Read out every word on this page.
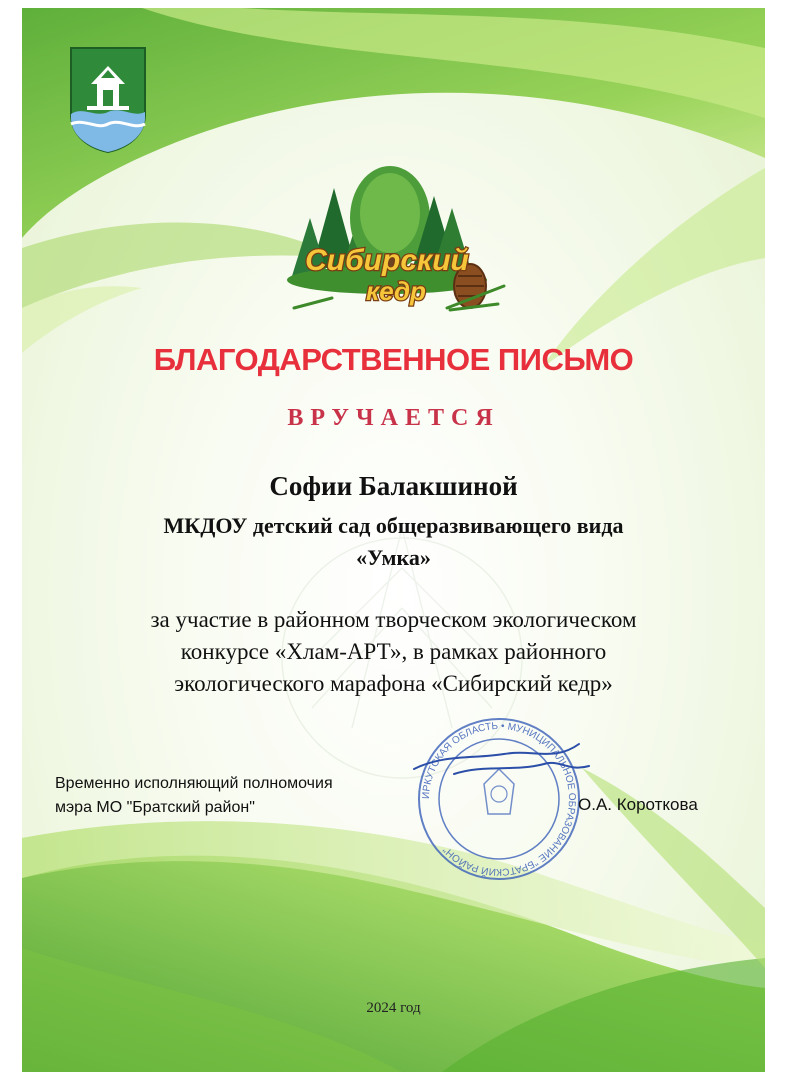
Сибирский
кедр
БЛАГОДАРСТВЕННОЕ ПИСЬМО
ВРУЧАЕТСЯ
Софии Балакшиной
МКДОУ детский сад общеразвивающего вида
«Умка»
за участие в районном творческом экологическом
конкурсе «Хлам-АРТ», в рамках районного
экологического марафона «Сибирский кедр»
Временно исполняющий полномочия
мэра МО "Братский район"
ИРКУТСКАЯ ОБЛАСТЬ • МУНИЦИПАЛЬНОЕ ОБРАЗОВАНИЕ "БРАТСКИЙ РАЙОН"
О.А. Короткова
2024 год
